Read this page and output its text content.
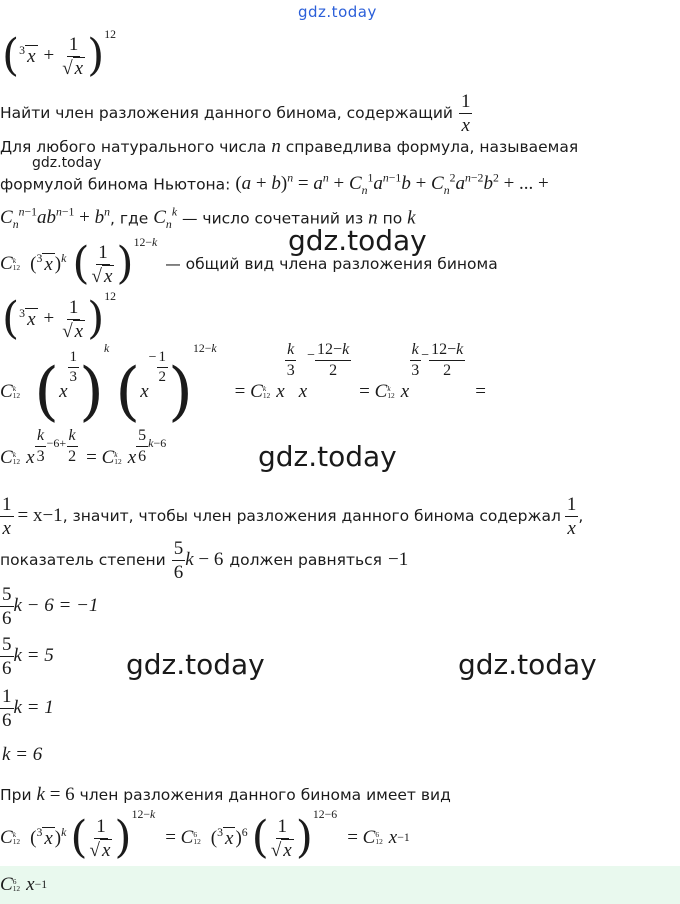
gdz.today
( $^3$ $x + \frac{1}{√ x} )^{12}$
Найти член разложения данного бинома, содержащий $\frac{1}{x}$
Для любого натурального числа n справедлива формула, называемая
gdz.today
формулой бинома Ньютона: $(a + b)^n = a^n + C_n^1a^{n-1}b + C_n^2a^{n-2}b^2$ + ... +
$C_n^{n-1}ab^{n-1} + b^n$, где $C_n^k$ — число сочетаний из n по k
gdz.today
C k
12 ($^3$ x )$^k$ ( $\frac{1}{√ x} )^{12-k}$
— общий вид члена разложения бинома
( $^3$ $x + \frac{1}{√ x} )^{12}$
C k
12 ( x
$\frac{1}{3}$ )
k
( x
− $\frac{1}{2}$ )
12−k
= C k
12 x
$\frac{k}{3}$
x
− $\frac{12-k}{2}$
= C k
12 x
$\frac{k}{3} - \frac{12-k}{2}$
=
C k
12 x $\frac{k}{3} -6+ \frac{k}{2} = C$ k
12 x $\frac{5}{6} k-6$	gdz.today
$\frac{1}{x} = x -1$ , значит, чтобы член разложения данного бинома содержал $\frac{1}{x}$ ,
показатель степени $\frac{5}{6}$ k − 6 должен равняться −1
$\frac{5}{6}$ k − 6 = −1
$\frac{5}{6}$ k = 5	gdz.today	gdz.today
$\frac{1}{6}$ k = 1
k = 6
При k = 6 член разложения данного бинома имеет вид
C k
12 ($^3$ x )$^k$ ( $\frac{1}{√ x} )^{12-k}$
= C 6
12 ($^3$ x )$^6$ ( $\frac{1}{√ x} )^{12-6}$
= C 6
12 x −1
C 6
12 x −1
